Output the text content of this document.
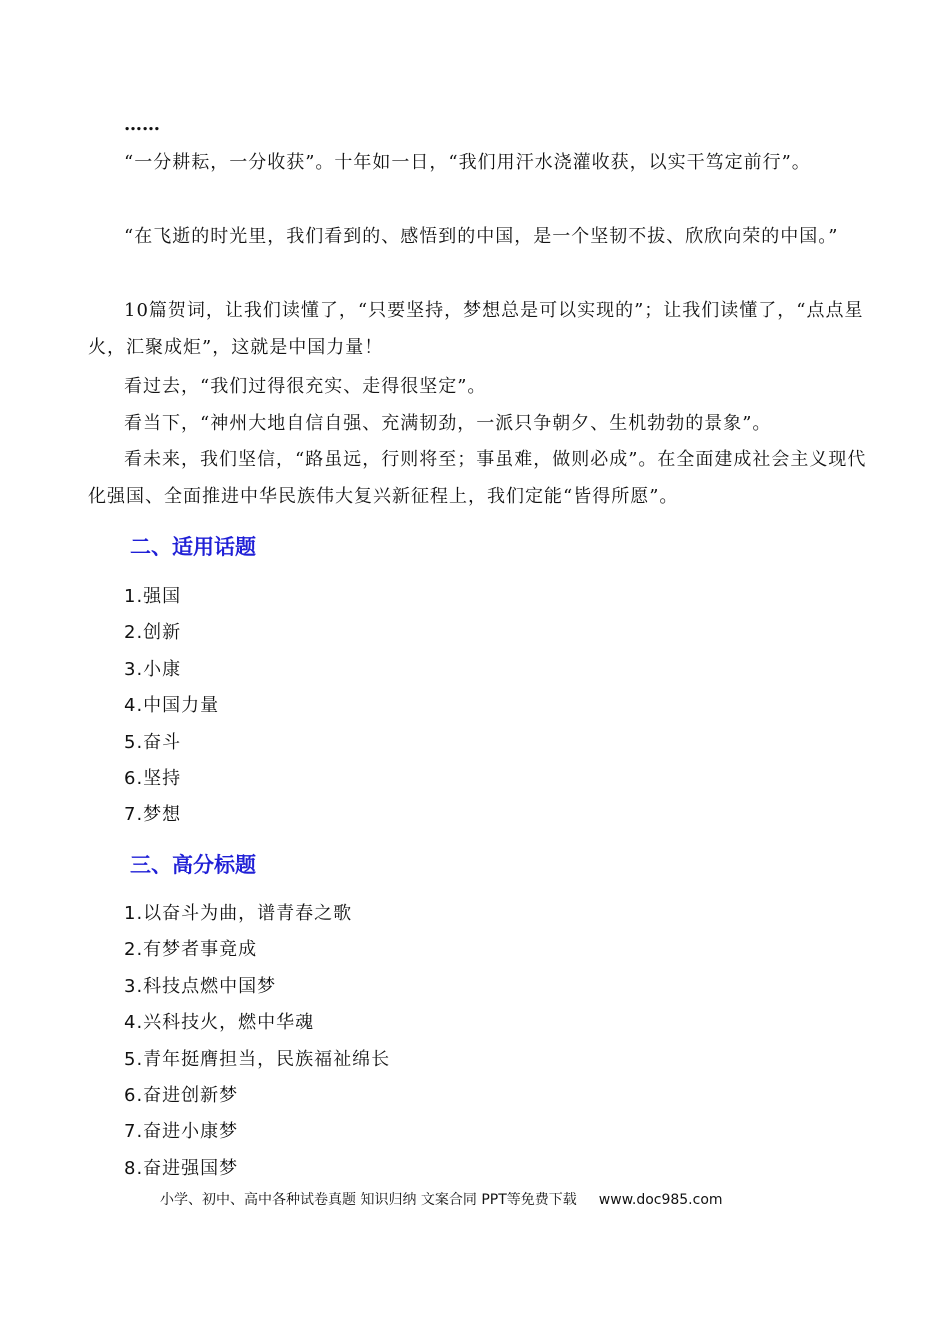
……

“一分耕耘，一分收获”。十年如一日，“我们用汗水浇灌收获，以实干笃定前行”。

“在飞逝的时光里，我们看到的、感悟到的中国，是一个坚韧不拔、欣欣向荣的中国。”

10篇贺词，让我们读懂了，“只要坚持，梦想总是可以实现的”；让我们读懂了，“点点星火，汇聚成炬”，这就是中国力量！

看过去，“我们过得很充实、走得很坚定”。

看当下，“神州大地自信自强、充满韧劲，一派只争朝夕、生机勃勃的景象”。

看未来，我们坚信，“路虽远，行则将至；事虽难，做则必成”。在全面建成社会主义现代化强国、全面推进中华民族伟大复兴新征程上，我们定能“皆得所愿”。

二、适用话题
1.强国
2.创新
3.小康
4.中国力量
5.奋斗
6.坚持
7.梦想
三、高分标题
1.以奋斗为曲，谱青春之歌
2.有梦者事竟成
3.科技点燃中国梦
4.兴科技火，燃中华魂
5.青年挺膺担当，民族福祉绵长
6.奋进创新梦
7.奋进小康梦
8.奋进强国梦
小学、初中、高中各种试卷真题 知识归纳 文案合同 PPT等免费下载 www.doc985.com
